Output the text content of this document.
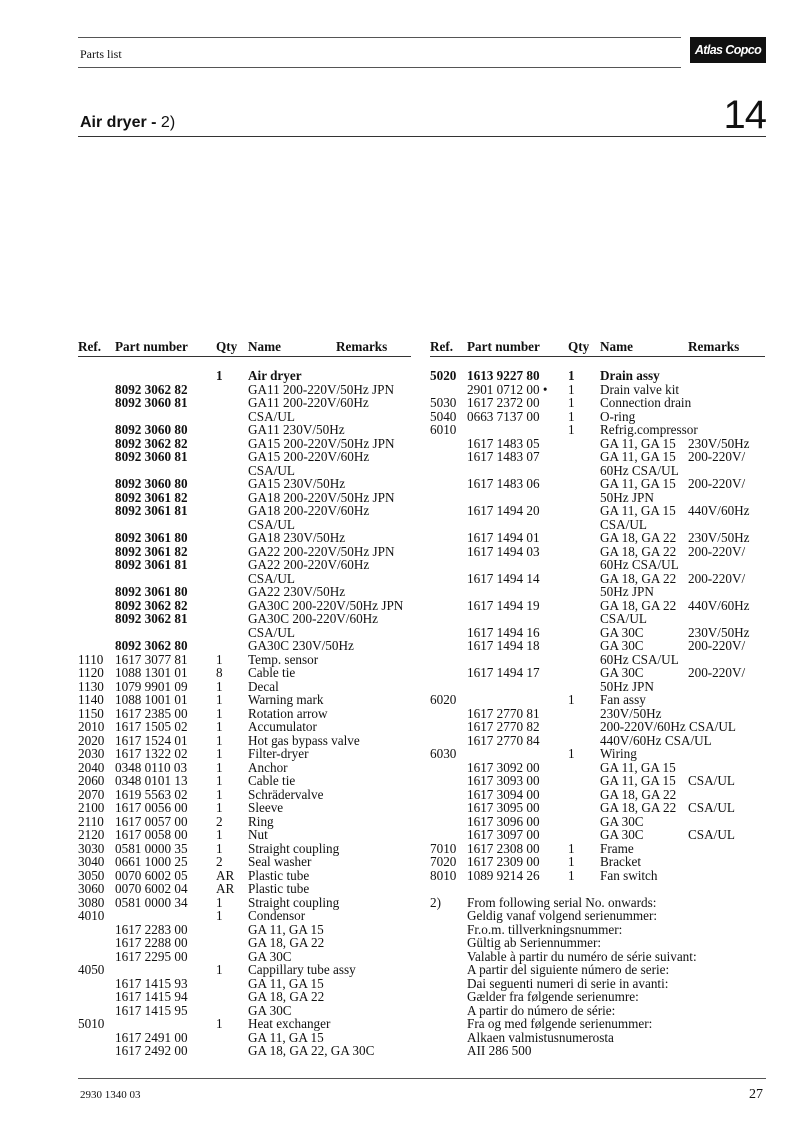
Parts list	Atlas Copco
Air dryer - 2)	14
Ref.	Part number	Qty Name	Remarks
1	Air dryer
8092 3062 82	GA11 200-220V/50Hz JPN
8092 3060 81	GA11 200-220V/60Hz
CSA/UL
8092 3060 80	GA11 230V/50Hz
8092 3062 82	GA15 200-220V/50Hz JPN
8092 3060 81	GA15 200-220V/60Hz
CSA/UL
8092 3060 80	GA15 230V/50Hz
8092 3061 82	GA18 200-220V/50Hz JPN
8092 3061 81	GA18 200-220V/60Hz
CSA/UL
8092 3061 80	GA18 230V/50Hz
8092 3061 82	GA22 200-220V/50Hz JPN
8092 3061 81	GA22 200-220V/60Hz
CSA/UL
8092 3061 80	GA22 230V/50Hz
8092 3062 82	GA30C 200-220V/50Hz JPN
8092 3062 81	GA30C 200-220V/60Hz
CSA/UL
8092 3062 80	GA30C 230V/50Hz
1110 1617 3077 81	1	Temp. sensor
1120 1088 1301 01	8	Cable tie
1130 1079 9901 09	1	Decal
1140 1088 1001 01	1	Warning mark
1150 1617 2385 00	1	Rotation arrow
2010 1617 1505 02	1	Accumulator
2020 1617 1524 01	1	Hot gas bypass valve
2030 1617 1322 02	1	Filter-dryer
2040 0348 0110 03	1	Anchor
2060 0348 0101 13	1	Cable tie
2070 1619 5563 02	1	Schrädervalve
2100 1617 0056 00	1	Sleeve
2110 1617 0057 00	2	Ring
2120 1617 0058 00	1	Nut
3030 0581 0000 35	1	Straight coupling
3040 0661 1000 25	2	Seal washer
3050 0070 6002 05	AR	Plastic tube
3060 0070 6002 04	AR	Plastic tube
3080 0581 0000 34	1	Straight coupling
4010	1	Condensor
1617 2283 00	GA 11, GA 15
1617 2288 00	GA 18, GA 22
1617 2295 00	GA 30C
4050	1	Cappillary tube assy
1617 1415 93	GA 11, GA 15
1617 1415 94	GA 18, GA 22
1617 1415 95	GA 30C
5010	1	Heat exchanger
1617 2491 00	GA 11, GA 15
1617 2492 00	GA 18, GA 22, GA 30C
Ref.	Part number	Qty Name	Remarks
5020 1613 9227 80	1	Drain assy
2901 0712 00 •	1	Drain valve kit
5030 1617 2372 00	1	Connection drain
5040 0663 7137 00	1	O-ring
6010	1	Refrig.compressor
1617 1483 05	GA 11, GA 15 230V/50Hz
1617 1483 07	GA 11, GA 15 200-220V/
60Hz CSA/UL
1617 1483 06	GA 11, GA 15 200-220V/
50Hz JPN
1617 1494 20	GA 11, GA 15 440V/60Hz
CSA/UL
1617 1494 01	GA 18, GA 22 230V/50Hz
1617 1494 03	GA 18, GA 22 200-220V/
60Hz CSA/UL
1617 1494 14	GA 18, GA 22 200-220V/
50Hz JPN
1617 1494 19	GA 18, GA 22 440V/60Hz
CSA/UL
1617 1494 16	GA 30C	230V/50Hz
1617 1494 18	GA 30C	200-220V/
60Hz CSA/UL
1617 1494 17	GA 30C	200-220V/
50Hz JPN
6020	1	Fan assy
1617 2770 81	230V/50Hz
1617 2770 82	200-220V/60Hz CSA/UL
1617 2770 84	440V/60Hz CSA/UL
6030	1	Wiring
1617 3092 00	GA 11, GA 15
1617 3093 00	GA 11, GA 15 CSA/UL
1617 3094 00	GA 18, GA 22
1617 3095 00	GA 18, GA 22 CSA/UL
1617 3096 00	GA 30C
1617 3097 00	GA 30C	CSA/UL
7010 1617 2308 00	1	Frame
7020 1617 2309 00	1	Bracket
8010 1089 9214 26	1	Fan switch
2)	From following serial No. onwards:
Geldig vanaf volgend serienummer:
Fr.o.m. tillverkningsnummer:
Gültig ab Seriennummer:
Valable à partir du numéro de série suivant:
A partir del siguiente número de serie:
Dai seguenti numeri di serie in avanti:
Gælder fra følgende serienumre:
A partir do número de série:
Fra og med følgende serienummer:
Alkaen valmistusnumerosta
AII 286 500
2930 1340 03	27
